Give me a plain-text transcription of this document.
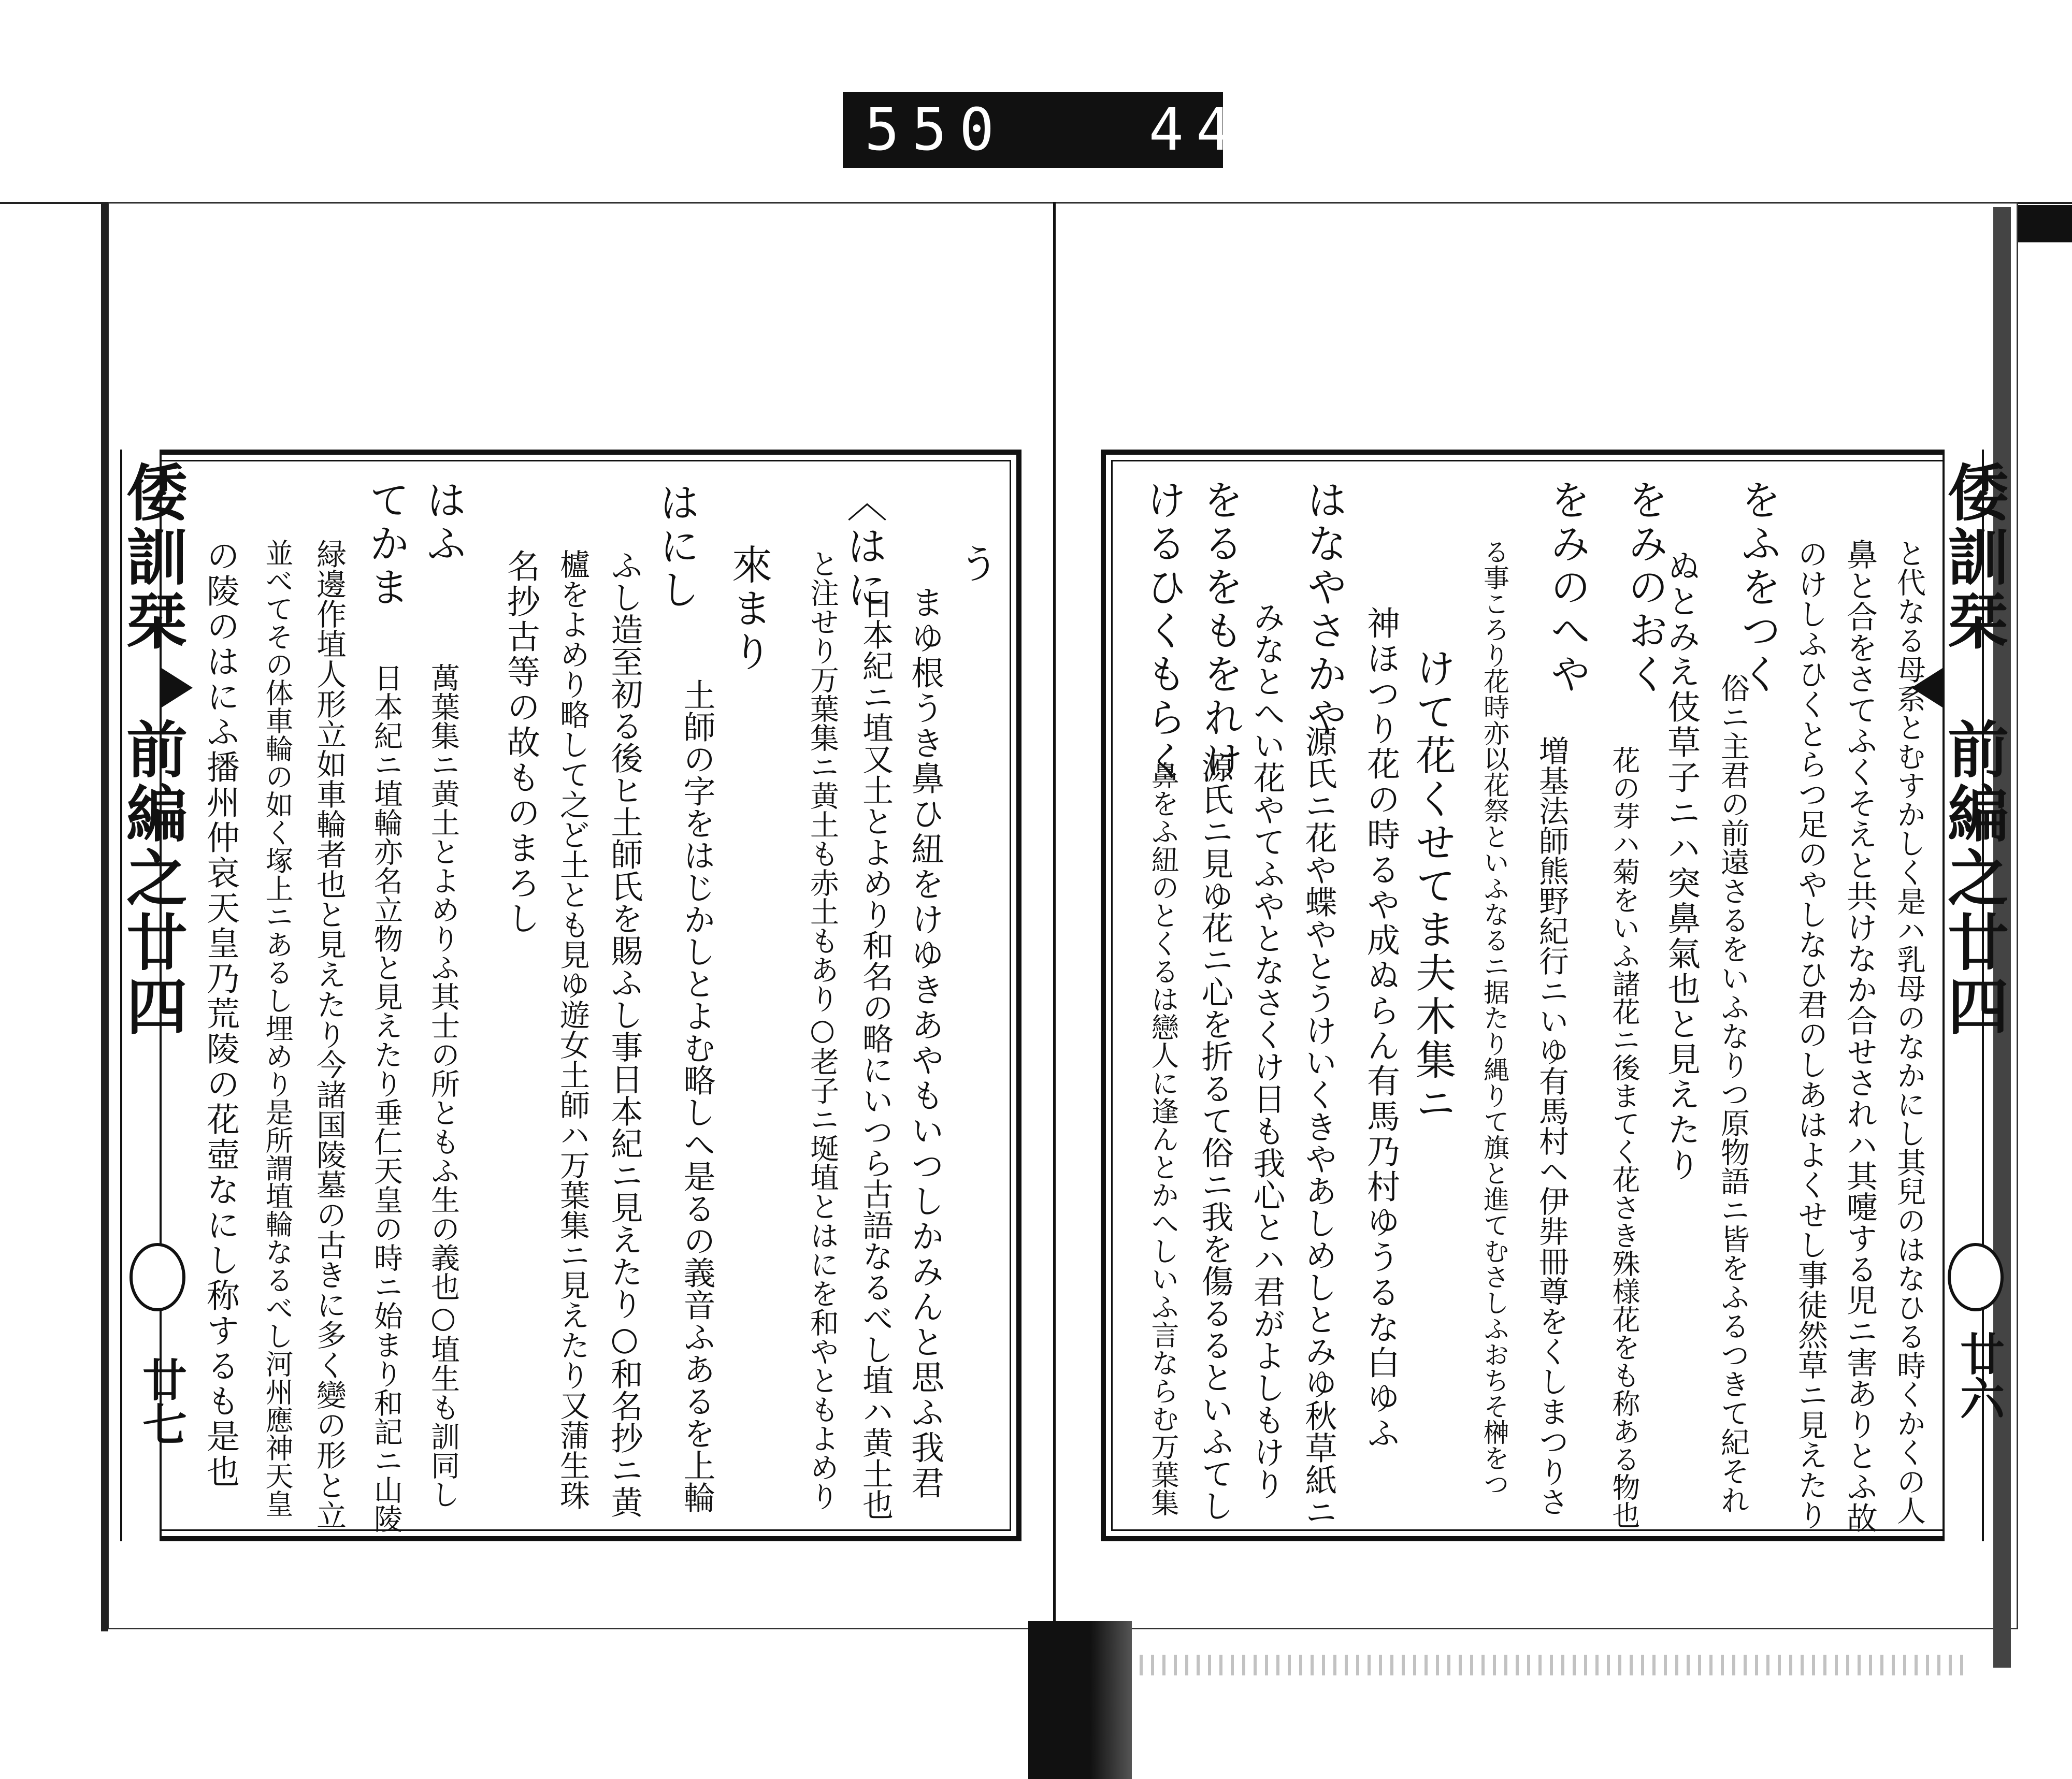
550   445.
倭訓栞　前編之廿四	倭訓栞　前編之廿四
廿七	廿六
う
まゆ根うき鼻ひ紐をけゆきあやもいつしかみんと思ふ我君
〈はに
日本紀ニ埴又土とよめり和名の略にいつら古語なるべし埴ハ黄土也
と注せり万葉集ニ黄土も赤土もあり○老子ニ埏埴とはにを和やともよめり
來まり
土師の字をはじかしとよむ略しへ是るの義音ふあるを上輪
はにし
ふし造至初る後ヒ土師氏を賜ふし事日本紀ニ見えたり○和名抄ニ黄
櫨をよめり略して之ど土とも見ゆ遊女土師ハ万葉集ニ見えたり又蒲生珠
名抄古等の故ものまろし
はふ
萬葉集ニ黄土とよめりふ其士の所ともふ生の義也○埴生も訓同し
日本紀ニ埴輪亦名立物と見えたり垂仁天皇の時ニ始まり和記ニ山陵
てかま
緑邊作埴人形立如車輪者也と見えたり今諸国陵墓の古きに多く變の形と立
並べてその体車輪の如く塚上ニあるし埋めり是所謂埴輪なるべし河州應神天皇
の陵のはにふ播州仲哀天皇乃荒陵の花壺なにし称するも是也	と代なる母系とむすかしく是ハ乳母のなかにし其兒のはなひる時くかくの人
鼻と合をさてふくそえと共けなか合せされハ其嚏する児ニ害ありとふ故
のけしふひくとらつ足のやしなひ君のしあはよくせし事徒然草ニ見えたり
をふをつく
俗ニ主君の前遠さるをいふなりつ原物語ニ皆をふるつきて紀それ
ぬとみえ伎草子ニハ突鼻氣也と見えたり
をみのおく
花の芽ハ菊をいふ諸花ニ後まてく花さき殊様花をも称ある物也
をみのへや
増基法師熊野紀行ニいゆ有馬村ヘ伊弉冊尊をくしまつりさ
る事ころり花時亦以花祭といふなるニ据たり縄りて旗と進てむさしふおちそ榊をつ
けて花くせてま夫木集ニ
神ほつり花の時るや成ぬらん有馬乃村ゆうるな白ゆふ
はなやさかや
源氏ニ花や蝶やとうけいくきやあしめしとみゆ秋草紙ニ
みなとへい花やてふやとなさくけ日も我心とハ君がよしもけり
をるをもをれけ
源氏ニ見ゆ花ニ心を折るて俗ニ我を傷るるといふてし
けるひくもらく
鼻をふ紐のとくるは戀人に逢んとかへしいふ言ならむ万葉集
